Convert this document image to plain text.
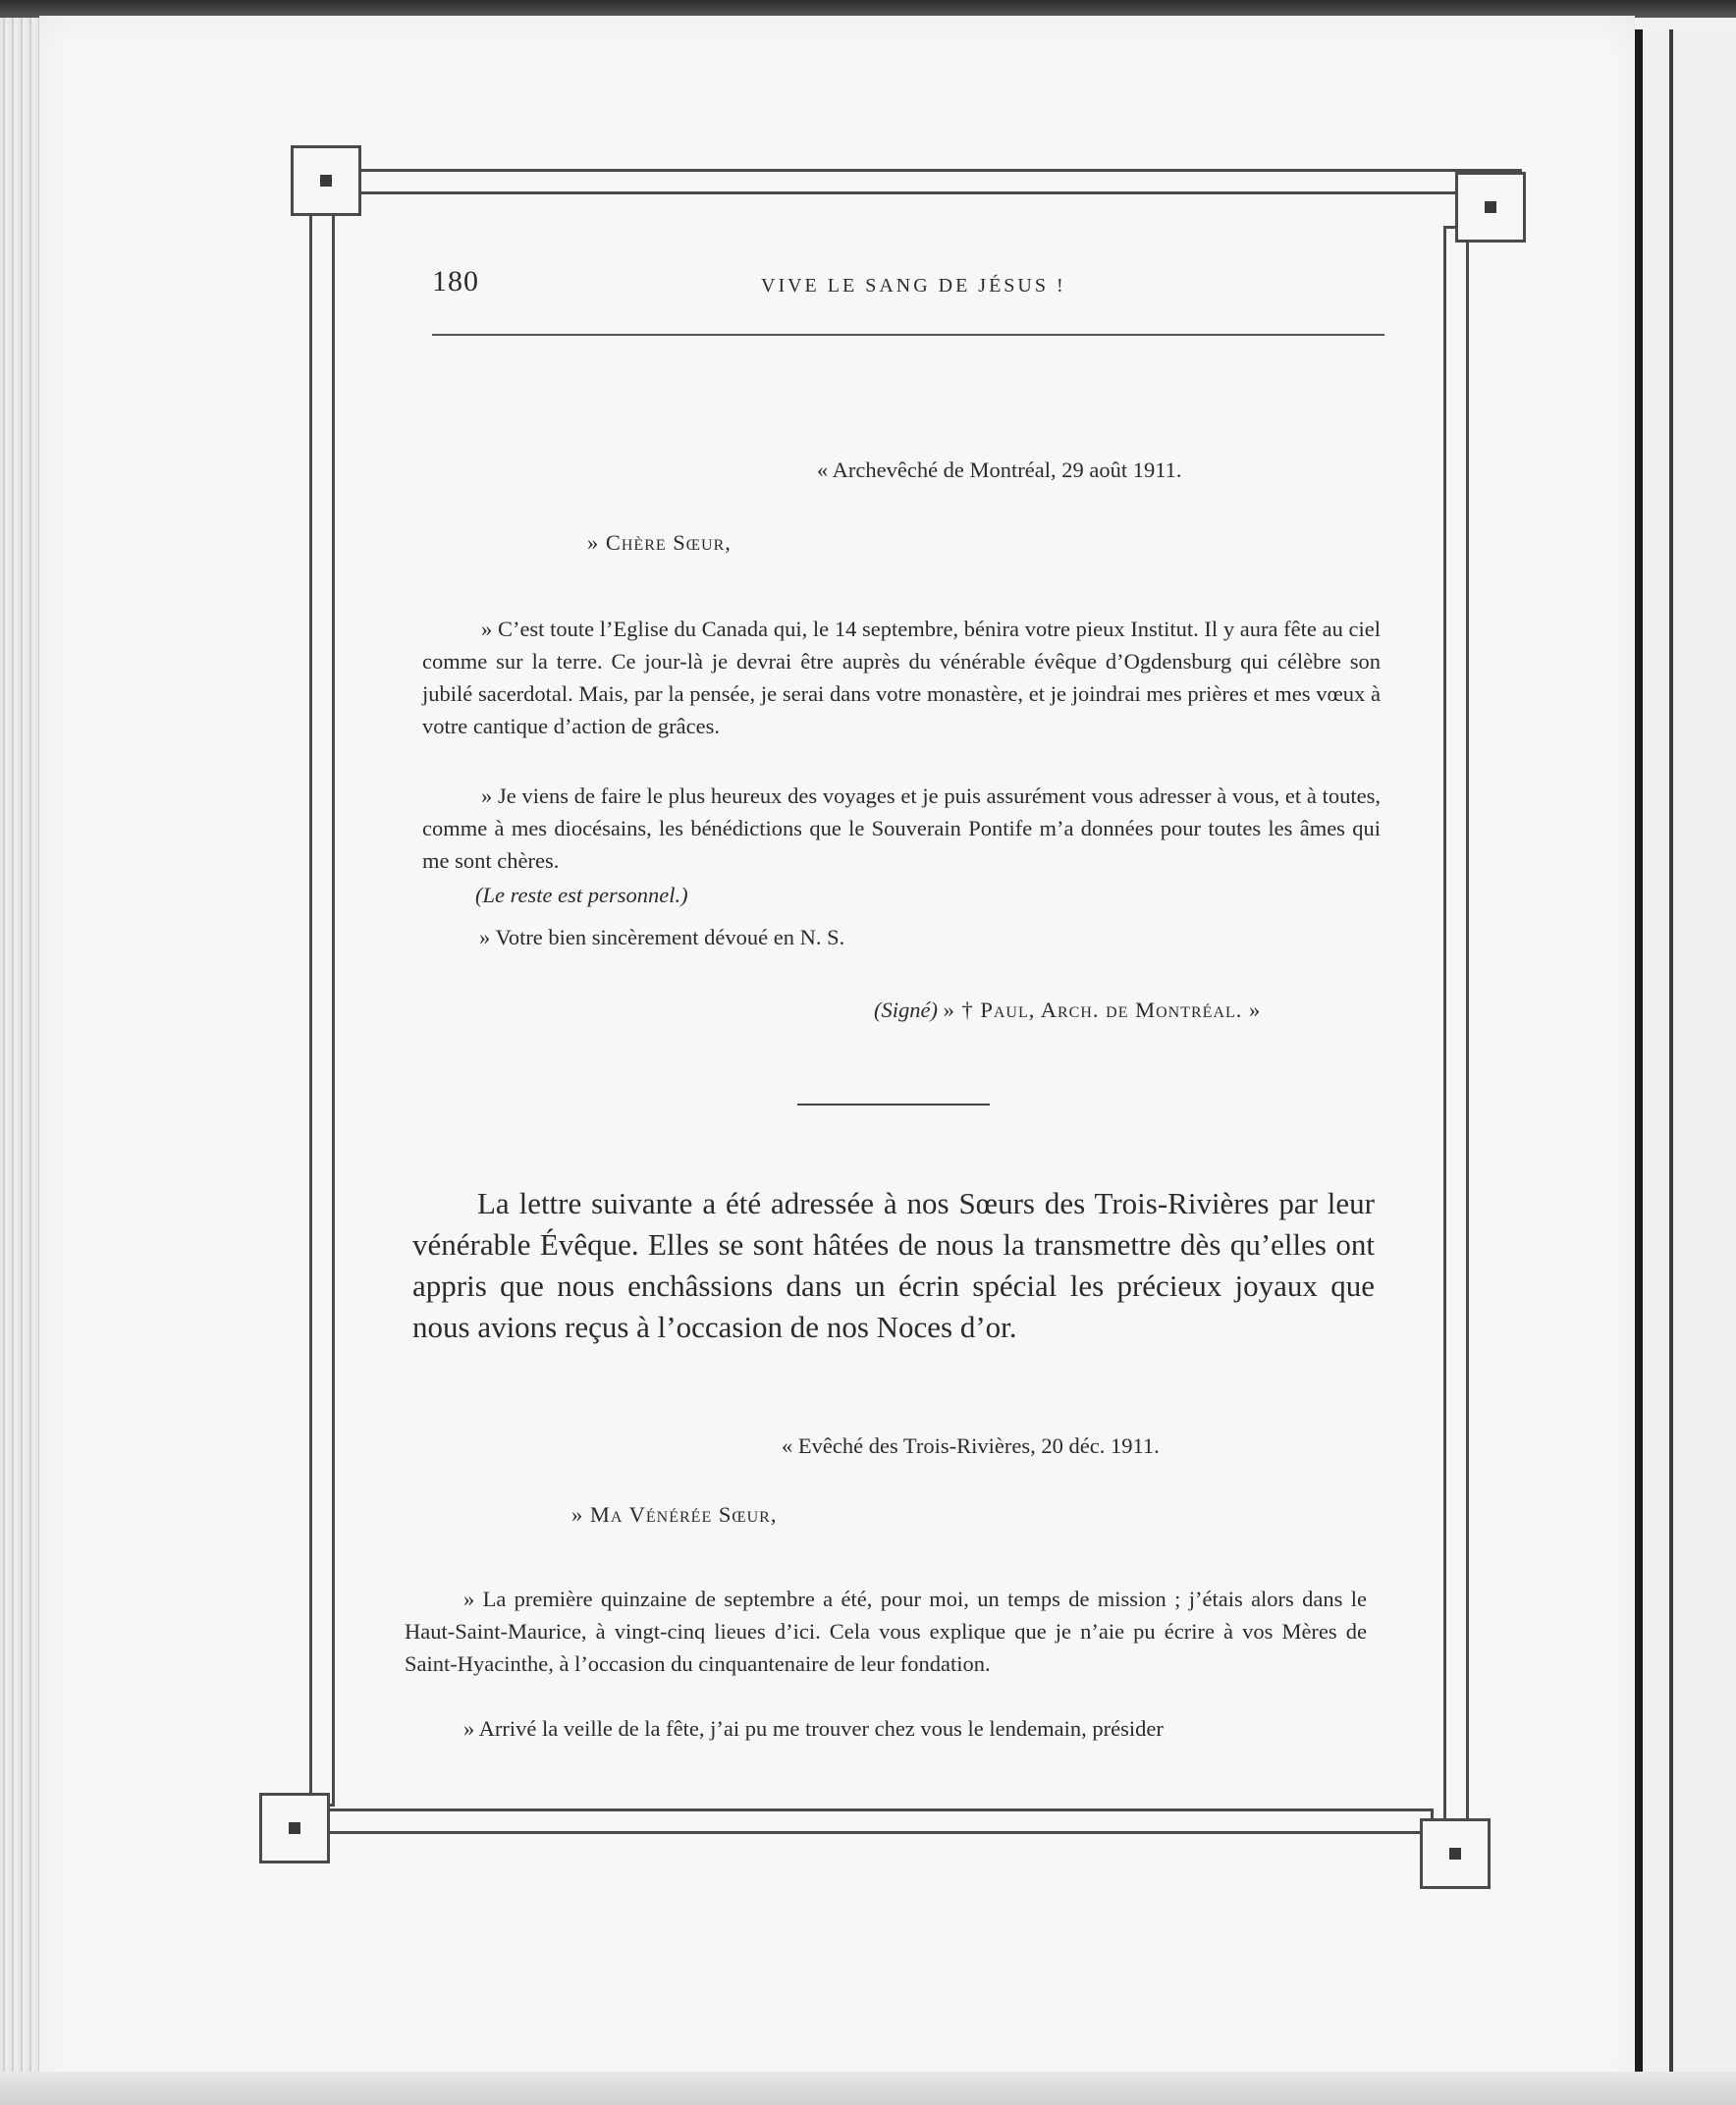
180	VIVE LE SANG DE JÉSUS !
« Archevêché de Montréal, 29 août 1911.
» Chère Sœur,
» C’est toute l’Eglise du Canada qui, le 14 septembre, bénira votre pieux Institut. Il y aura fête au ciel comme sur la terre. Ce jour-là je devrai être auprès du vénérable évêque d’Ogdensburg qui célèbre son jubilé sacerdotal. Mais, par la pensée, je serai dans votre monastère, et je joindrai mes prières et mes vœux à votre cantique d’action de grâces.
» Je viens de faire le plus heureux des voyages et je puis assurément vous adresser à vous, et à toutes, comme à mes diocésains, les bénédictions que le Souverain Pontife m’a données pour toutes les âmes qui me sont chères.
(Le reste est personnel.)
» Votre bien sincèrement dévoué en N. S.
(Signé) » † Paul, Arch. de Montréal. »
La lettre suivante a été adressée à nos Sœurs des Trois-Rivières par leur vénérable Évêque. Elles se sont hâtées de nous la transmettre dès qu’elles ont appris que nous enchâssions dans un écrin spécial les précieux joyaux que nous avions reçus à l’occasion de nos Noces d’or.
« Evêché des Trois-Rivières, 20 déc. 1911.
» Ma Vénérée Sœur,
» La première quinzaine de septembre a été, pour moi, un temps de mission ; j’étais alors dans le Haut-Saint-Maurice, à vingt-cinq lieues d’ici. Cela vous explique que je n’aie pu écrire à vos Mères de Saint-Hyacinthe, à l’occasion du cinquantenaire de leur fondation.
» Arrivé la veille de la fête, j’ai pu me trouver chez vous le lendemain, présider
